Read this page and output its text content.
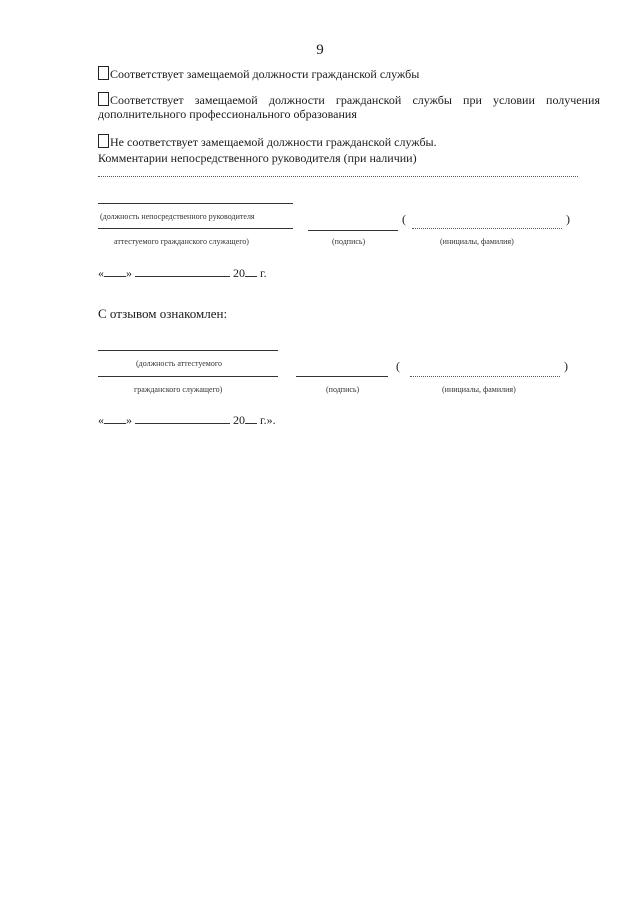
9
Соответствует замещаемой должности гражданской службы
Соответствует замещаемой должности гражданской службы при условии получения дополнительного профессионального образования
Не соответствует замещаемой должности гражданской службы.
Комментарии непосредственного руководителя (при наличии)
(должность непосредственного руководителя
аттестуемого гражданского служащего)	(подпись)
(	)
(инициалы, фамилия)
« »	20 г.
С отзывом ознакомлен:
(должность аттестуемого
гражданского служащего)	(подпись)
(	)
(инициалы, фамилия)
« »	20 г.».
